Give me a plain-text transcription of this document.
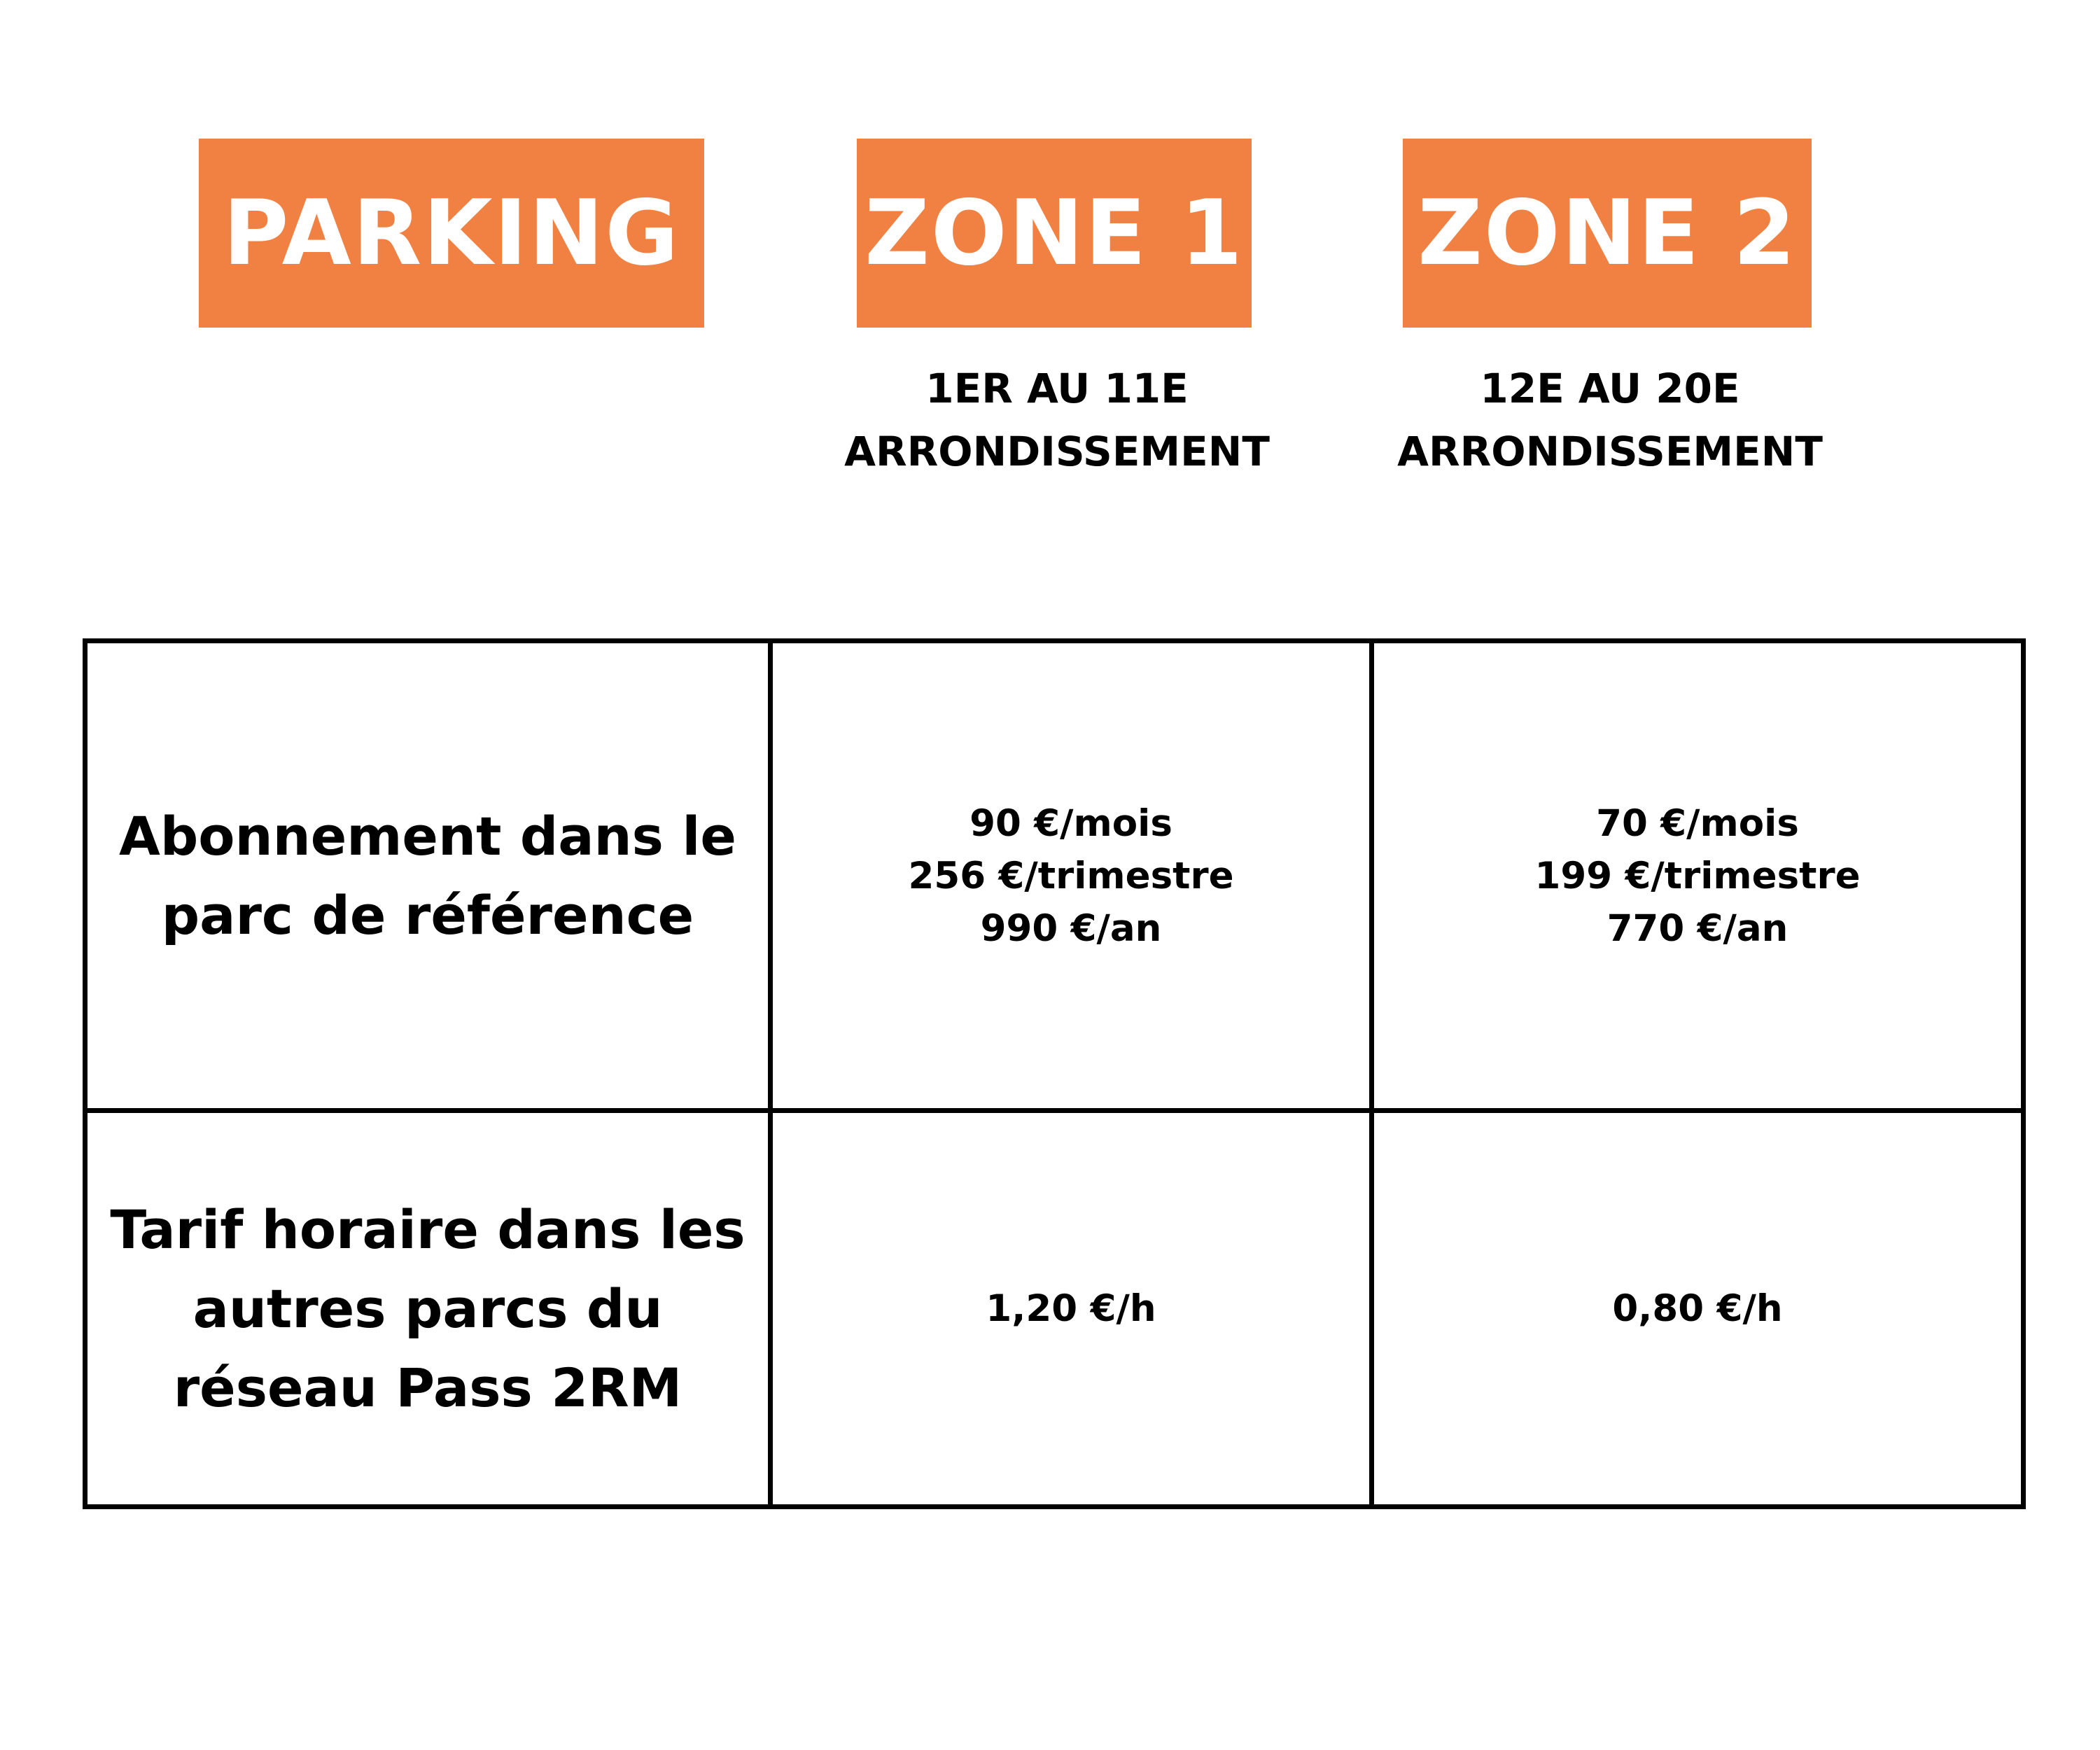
PARKING ZONE 1 ZONE 2
1ER AU 11E
ARRONDISSEMENT
12E AU 20E
ARRONDISSEMENT
Abonnement dans le
parc de référence
90 €/mois
256 €/trimestre
990 €/an
70 €/mois
199 €/trimestre
770 €/an
Tarif horaire dans les
autres parcs du
réseau Pass 2RM
1,20 €/h	0,80 €/h
